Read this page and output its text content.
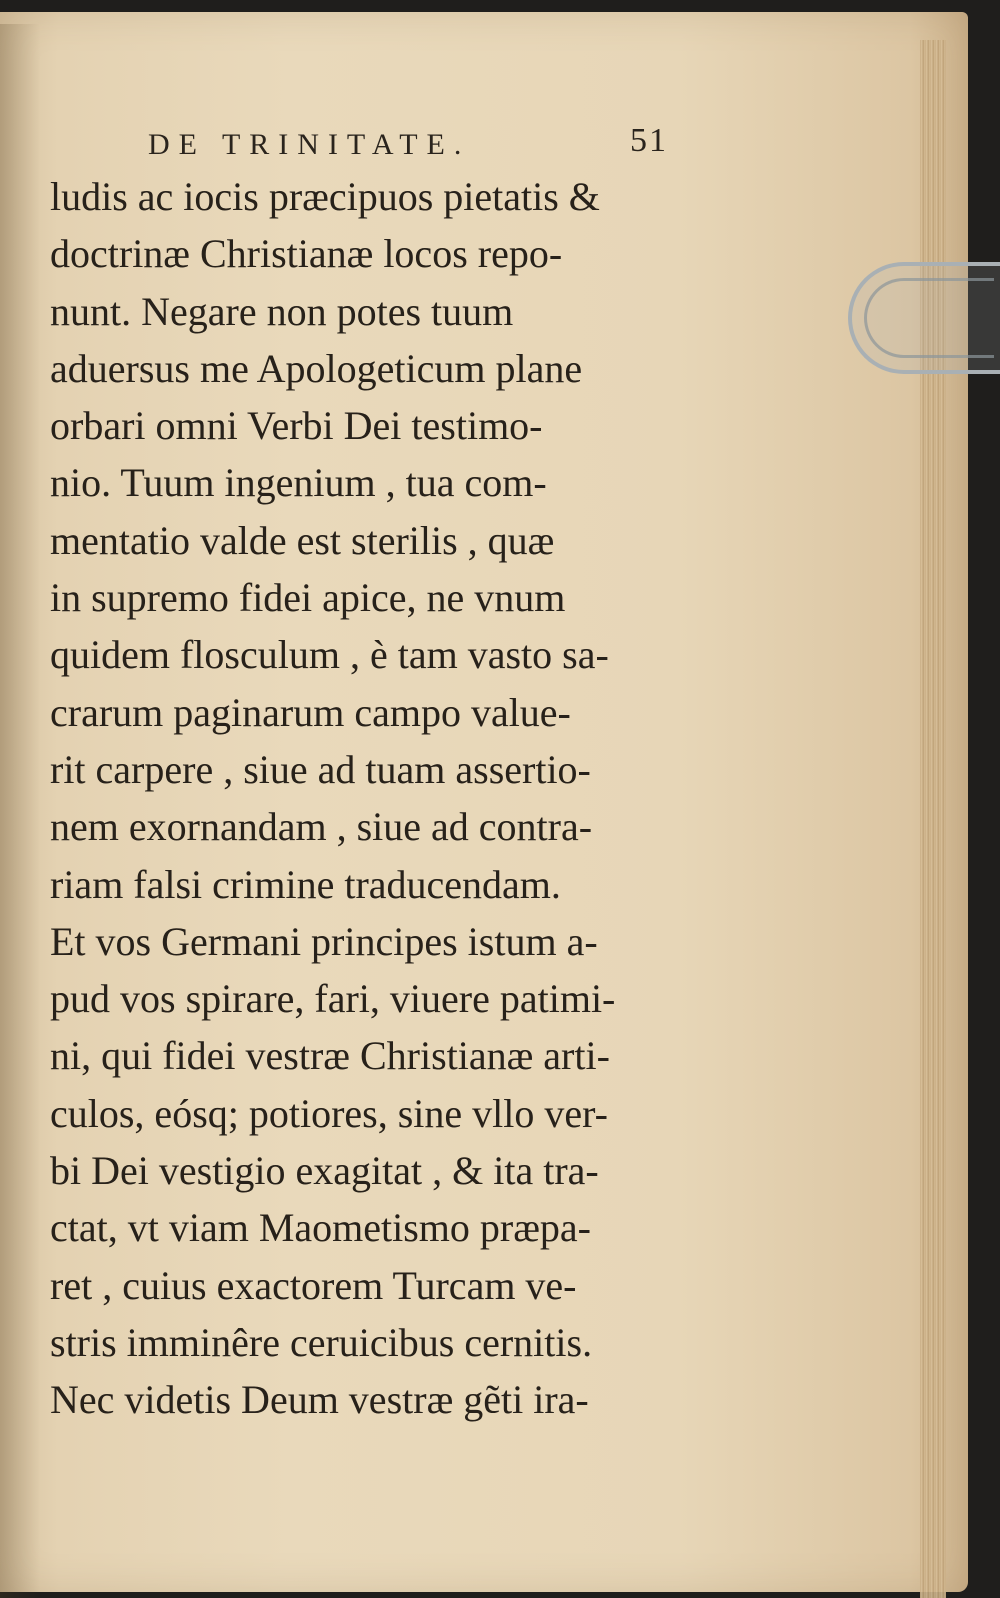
DE TRINITATE.	51
ludis ac iocis præcipuos pietatis &
doctrinæ Christianæ locos repo-
nunt. Negare non potes tuum
aduersus me Apologeticum plane
orbari omni Verbi Dei testimo-
nio. Tuum ingenium , tua com-
mentatio valde est sterilis , quæ
in supremo fidei apice, ne vnum
quidem flosculum , è tam vasto sa-
crarum paginarum campo value-
rit carpere , siue ad tuam assertio-
nem exornandam , siue ad contra-
riam falsi crimine traducendam.
Et vos Germani principes istum a-
pud vos spirare, fari, viuere patimi-
ni, qui fidei vestræ Christianæ arti-
culos, eósq; potiores, sine vllo ver-
bi Dei vestigio exagitat , & ita tra-
ctat, vt viam Maometismo præpa-
ret , cuius exactorem Turcam ve-
stris imminêre ceruicibus cernitis.
Nec videtis Deum vestræ gẽti ira-
